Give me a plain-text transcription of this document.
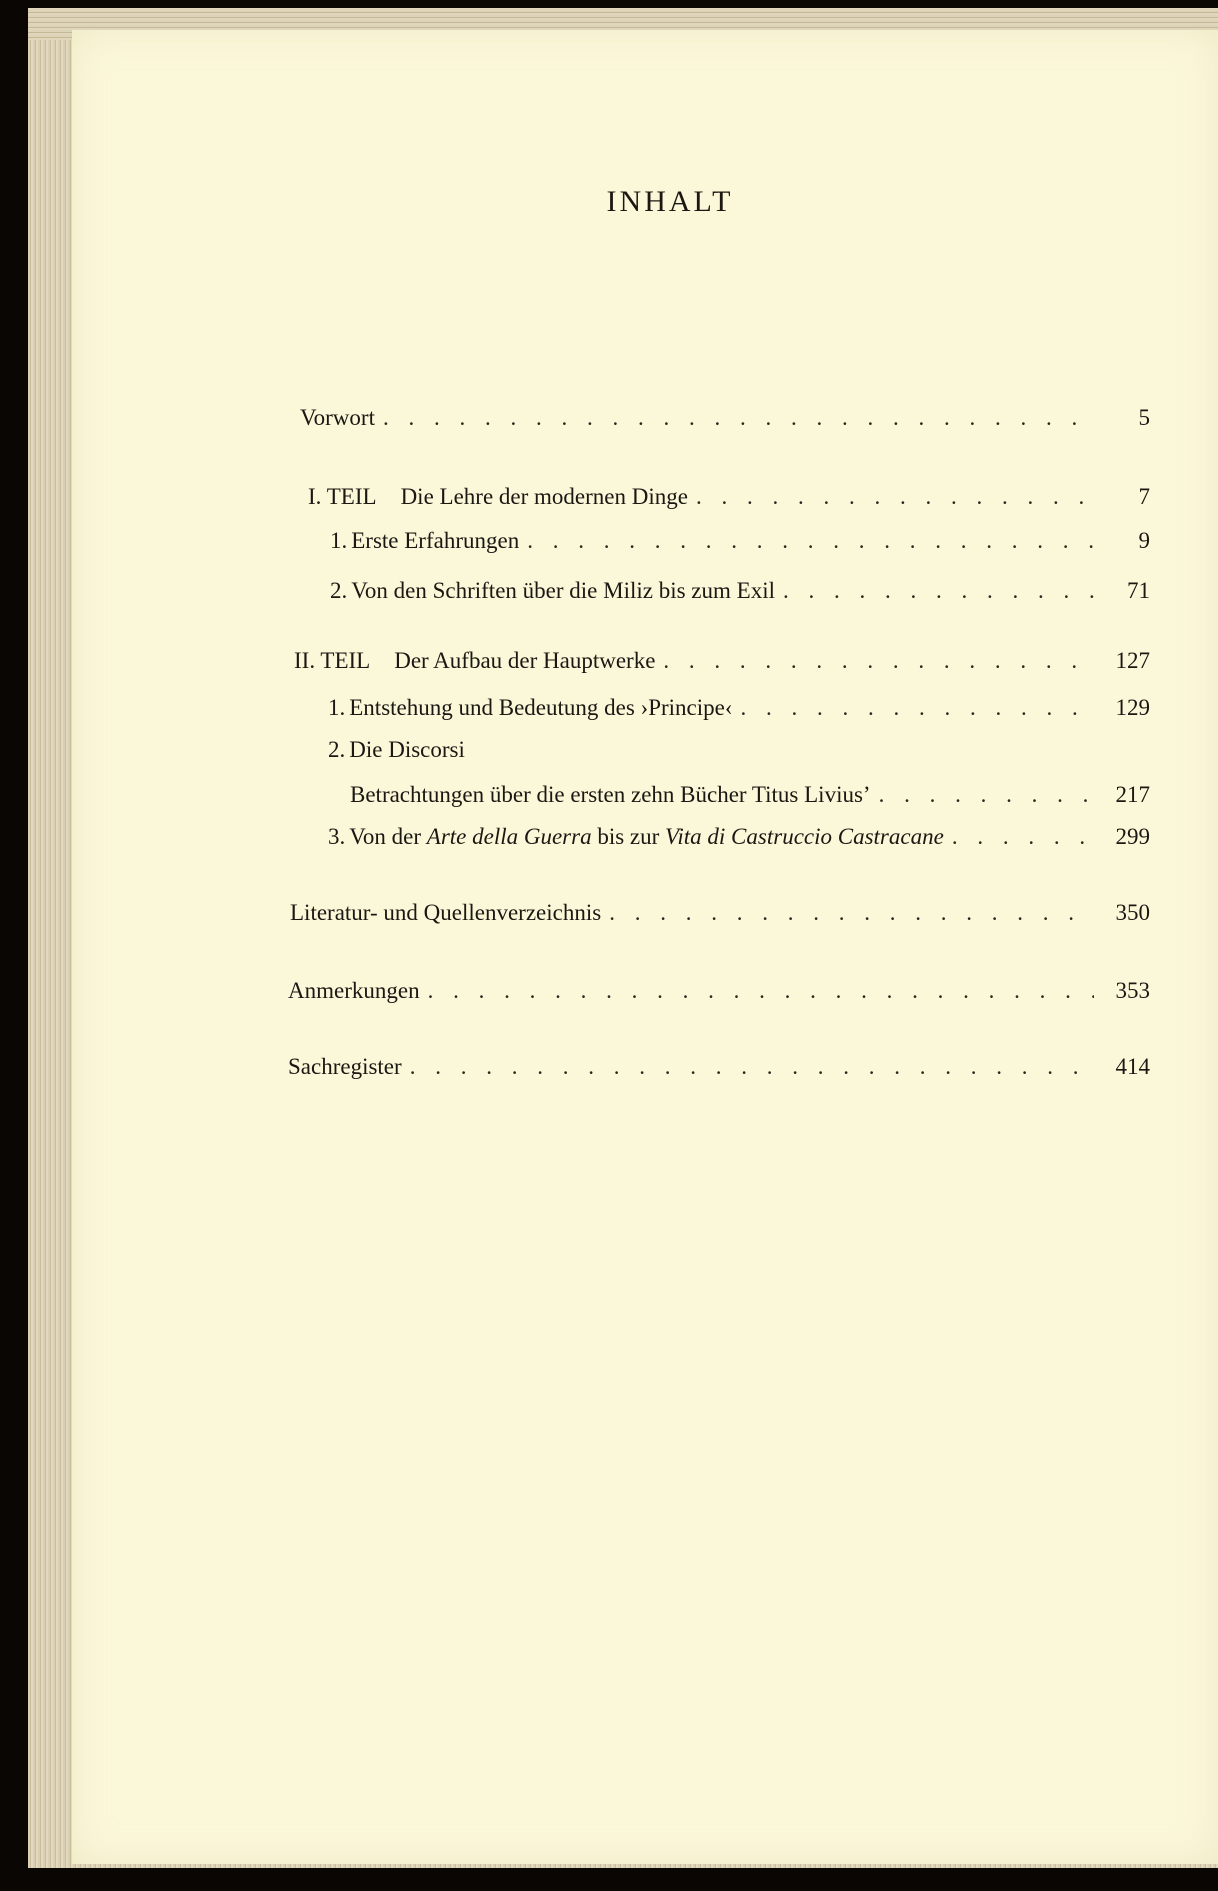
INHALT
Vorwort . . .	5
I. TEIL Die Lehre der modernen Dinge . . .	7
1. Erste Erfahrungen . . .	9
2. Von den Schriften über die Miliz bis zum Exil . . .	71
II. TEIL Der Aufbau der Hauptwerke . . .	127
1. Entstehung und Bedeutung des ›Principe‹ . . .	129
2. Die Discorsi
Betrachtungen über die ersten zehn Bücher Titus Livius’ . . .	217
3. Von der Arte della Guerra bis zur Vita di Castruccio Castracane . . .	299
Literatur- und Quellenverzeichnis . . .	350
Anmerkungen . . .	353
Sachregister . . .	414
